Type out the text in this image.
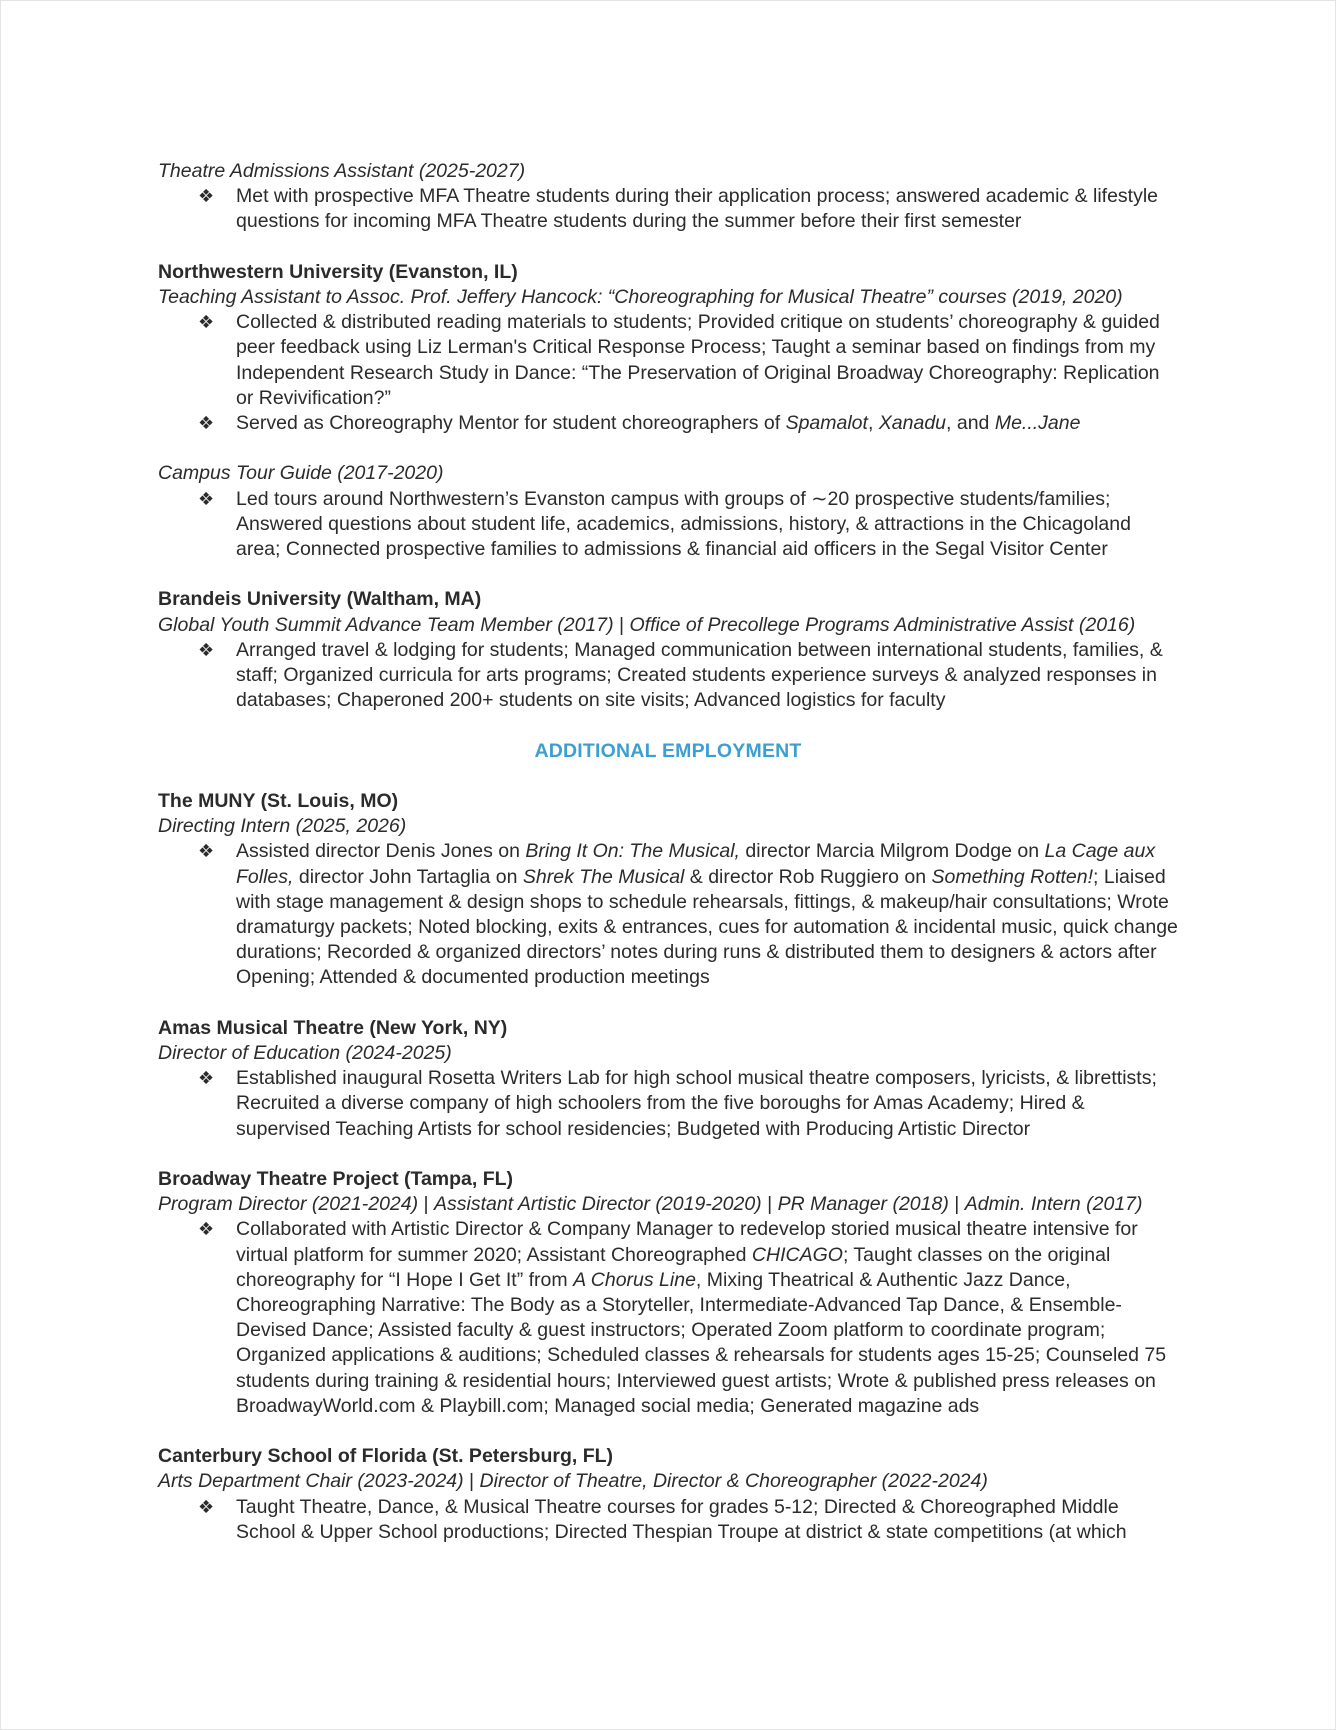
Theatre Admissions Assistant (2025-2027)
❖ Met with prospective MFA Theatre students during their application process; answered academic & lifestyle questions for incoming MFA Theatre students during the summer before their first semester
Northwestern University (Evanston, IL)
Teaching Assistant to Assoc. Prof. Jeffery Hancock: “Choreographing for Musical Theatre” courses (2019, 2020)
❖ Collected & distributed reading materials to students; Provided critique on students’ choreography & guided peer feedback using Liz Lerman's Critical Response Process; Taught a seminar based on findings from my Independent Research Study in Dance: “The Preservation of Original Broadway Choreography: Replication or Revivification?”
❖ Served as Choreography Mentor for student choreographers of Spamalot, Xanadu, and Me...Jane
Campus Tour Guide (2017-2020)
❖ Led tours around Northwestern’s Evanston campus with groups of ∼20 prospective students/families; Answered questions about student life, academics, admissions, history, & attractions in the Chicagoland area; Connected prospective families to admissions & financial aid officers in the Segal Visitor Center
Brandeis University (Waltham, MA)
Global Youth Summit Advance Team Member (2017) | Office of Precollege Programs Administrative Assist (2016)
❖ Arranged travel & lodging for students; Managed communication between international students, families, & staff; Organized curricula for arts programs; Created students experience surveys & analyzed responses in databases; Chaperoned 200+ students on site visits; Advanced logistics for faculty
ADDITIONAL EMPLOYMENT
The MUNY (St. Louis, MO)
Directing Intern (2025, 2026)
❖ Assisted director Denis Jones on Bring It On: The Musical, director Marcia Milgrom Dodge on La Cage aux Folles, director John Tartaglia on Shrek The Musical & director Rob Ruggiero on Something Rotten!; Liaised with stage management & design shops to schedule rehearsals, fittings, & makeup/hair consultations; Wrote dramaturgy packets; Noted blocking, exits & entrances, cues for automation & incidental music, quick change durations; Recorded & organized directors’ notes during runs & distributed them to designers & actors after Opening; Attended & documented production meetings
Amas Musical Theatre (New York, NY)
Director of Education (2024-2025)
❖ Established inaugural Rosetta Writers Lab for high school musical theatre composers, lyricists, & librettists; Recruited a diverse company of high schoolers from the five boroughs for Amas Academy; Hired & supervised Teaching Artists for school residencies; Budgeted with Producing Artistic Director
Broadway Theatre Project (Tampa, FL)
Program Director (2021-2024) | Assistant Artistic Director (2019-2020) | PR Manager (2018) | Admin. Intern (2017)
❖ Collaborated with Artistic Director & Company Manager to redevelop storied musical theatre intensive for virtual platform for summer 2020; Assistant Choreographed CHICAGO; Taught classes on the original choreography for “I Hope I Get It” from A Chorus Line, Mixing Theatrical & Authentic Jazz Dance, Choreographing Narrative: The Body as a Storyteller, Intermediate-Advanced Tap Dance, & Ensemble-Devised Dance; Assisted faculty & guest instructors; Operated Zoom platform to coordinate program; Organized applications & auditions; Scheduled classes & rehearsals for students ages 15-25; Counseled 75 students during training & residential hours; Interviewed guest artists; Wrote & published press releases on BroadwayWorld.com & Playbill.com; Managed social media; Generated magazine ads
Canterbury School of Florida (St. Petersburg, FL)
Arts Department Chair (2023-2024) | Director of Theatre, Director & Choreographer (2022-2024)
❖ Taught Theatre, Dance, & Musical Theatre courses for grades 5-12; Directed & Choreographed Middle School & Upper School productions; Directed Thespian Troupe at district & state competitions (at which
